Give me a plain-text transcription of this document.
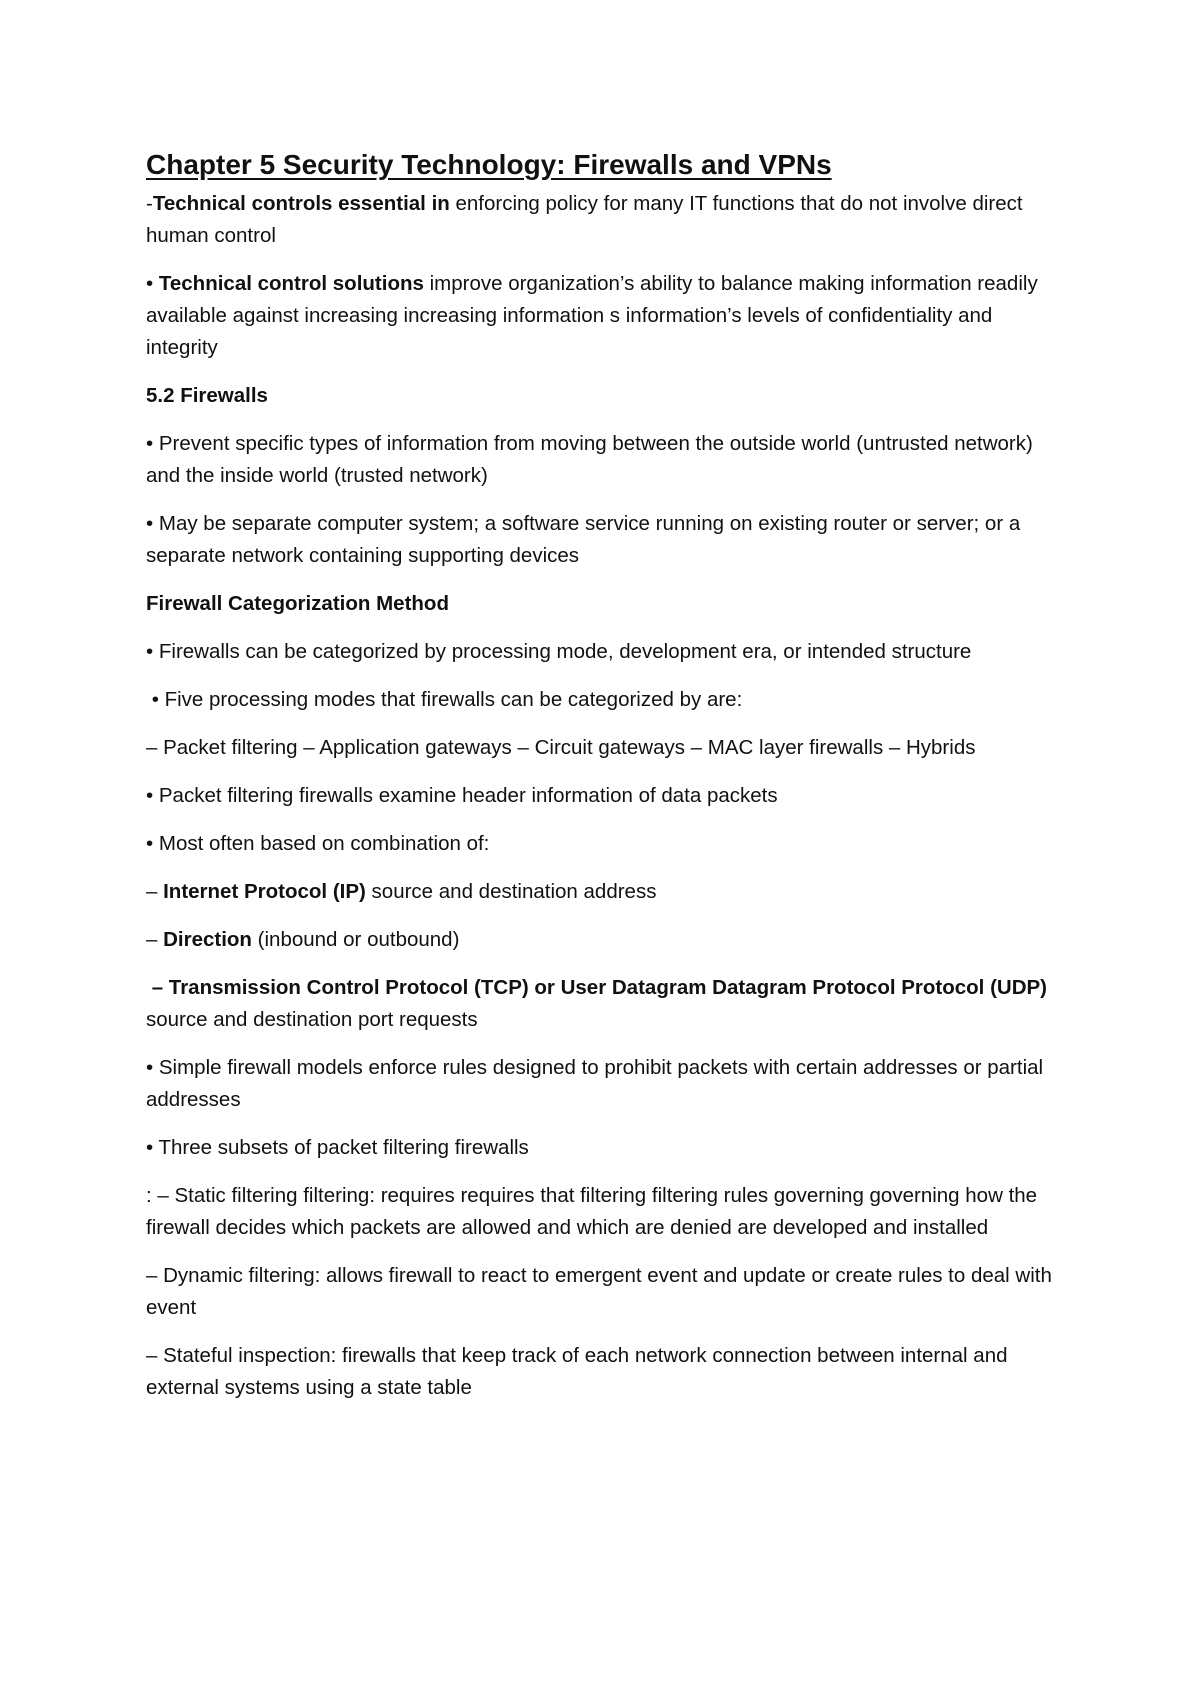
Chapter 5 Security Technology: Firewalls and VPNs

-Technical controls essential in enforcing policy for many IT functions that do not involve direct human control

• Technical control solutions improve organization’s ability to balance making information readily available against increasing increasing information s information’s levels of confidentiality and integrity

5.2 Firewalls

• Prevent specific types of information from moving between the outside world (untrusted network) and the inside world (trusted network)

• May be separate computer system; a software service running on existing router or server; or a separate network containing supporting devices

Firewall Categorization Method

• Firewalls can be categorized by processing mode, development era, or intended structure

• Five processing modes that firewalls can be categorized by are:

– Packet filtering – Application gateways – Circuit gateways – MAC layer firewalls – Hybrids

• Packet filtering firewalls examine header information of data packets

• Most often based on combination of:

– Internet Protocol (IP) source and destination address

– Direction (inbound or outbound)

– Transmission Control Protocol (TCP) or User Datagram Datagram Protocol Protocol (UDP) source and destination port requests

• Simple firewall models enforce rules designed to prohibit packets with certain addresses or partial addresses

• Three subsets of packet filtering firewalls

: – Static filtering filtering: requires requires that filtering filtering rules governing governing how the firewall decides which packets are allowed and which are denied are developed and installed

– Dynamic filtering: allows firewall to react to emergent event and update or create rules to deal with event

– Stateful inspection: firewalls that keep track of each network connection between internal and external systems using a state table
